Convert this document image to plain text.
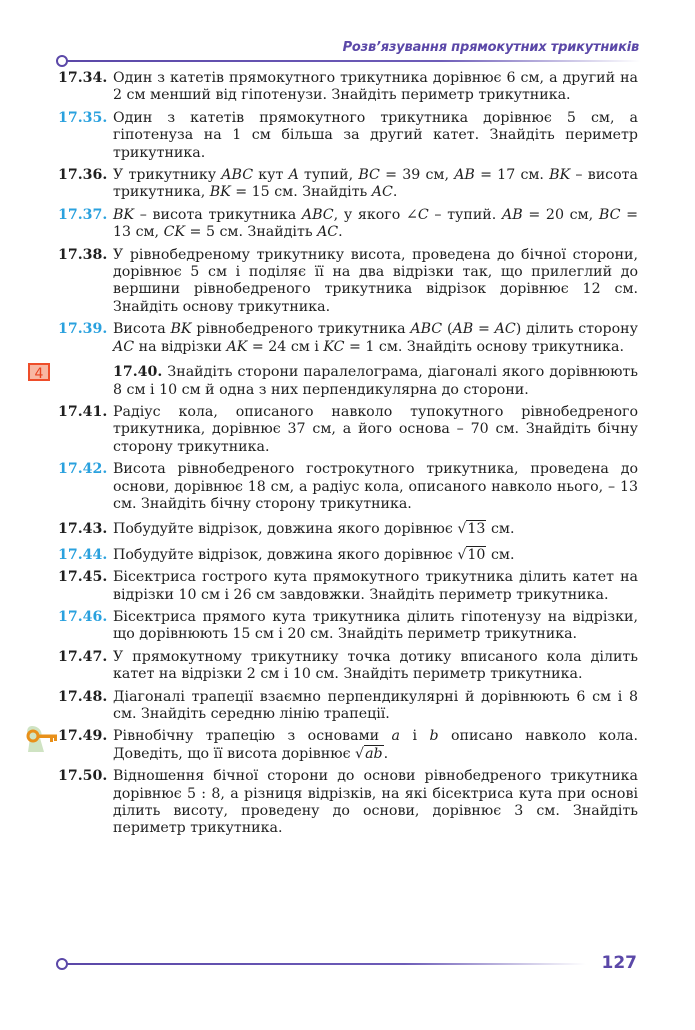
Розв’язування прямокутних трикутників
17.34. Один з катетів прямокутного трикутника дорівнює 6 см, а другий на 2 см менший від гіпотенузи. Знайдіть периметр трикутника.
17.35. Один з катетів прямокутного трикутника дорівнює 5 см, а гіпотенуза на 1 см більша за другий катет. Знайдіть периметр трикутника.
17.36. У трикутнику ABC кут A тупий, BC = 39 см, AB = 17 см. BK – висота трикутника, BK = 15 см. Знайдіть AC.
17.37. BK – висота трикутника ABC, у якого ∠C – тупий. AB = 20 см, BC = 13 см, CK = 5 см. Знайдіть AC.
17.38. У рівнобедреному трикутнику висота, проведена до бічної сторони, дорівнює 5 см і поділяє її на два відрізки так, що прилеглий до вершини рівнобедреного трикутника відрізок дорівнює 12 см. Знайдіть основу трикутника.
17.39. Висота BK рівнобедреного трикутника ABC (AB = AC) ділить сторону AC на відрізки AK = 24 см і KC = 1 см. Знайдіть основу трикутника.
4	17.40. Знайдіть сторони паралелограма, діагоналі якого дорівнюють 8 см і 10 см й одна з них перпендикулярна до сторони.
17.41. Радіус кола, описаного навколо тупокутного рівнобедреного трикутника, дорівнює 37 см, а його основа – 70 см. Знайдіть бічну сторону трикутника.
17.42. Висота рівнобедреного гострокутного трикутника, проведена до основи, дорівнює 18 см, а радіус кола, описаного навколо нього, – 13 см. Знайдіть бічну сторону трикутника.
17.43. Побудуйте відрізок, довжина якого дорівнює √13 см.
17.44. Побудуйте відрізок, довжина якого дорівнює √10 см.
17.45. Бісектриса гострого кута прямокутного трикутника ділить катет на відрізки 10 см і 26 см завдовжки. Знайдіть периметр трикутника.
17.46. Бісектриса прямого кута трикутника ділить гіпотенузу на відрізки, що дорівнюють 15 см і 20 см. Знайдіть периметр трикутника.
17.47. У прямокутному трикутнику точка дотику вписаного кола ділить катет на відрізки 2 см і 10 см. Знайдіть периметр трикутника.
17.48. Діагоналі трапеції взаємно перпендикулярні й дорівнюють 6 см і 8 см. Знайдіть середню лінію трапеції.
17.49. Рівнобічну трапецію з основами a і b описано навколо кола. Доведіть, що її висота дорівнює √ab.
17.50. Відношення бічної сторони до основи рівнобедреного трикутника дорівнює 5 : 8, а різниця відрізків, на які бісектриса кута при основі ділить висоту, проведену до основи, дорівнює 3 см. Знайдіть периметр трикутника.
127
